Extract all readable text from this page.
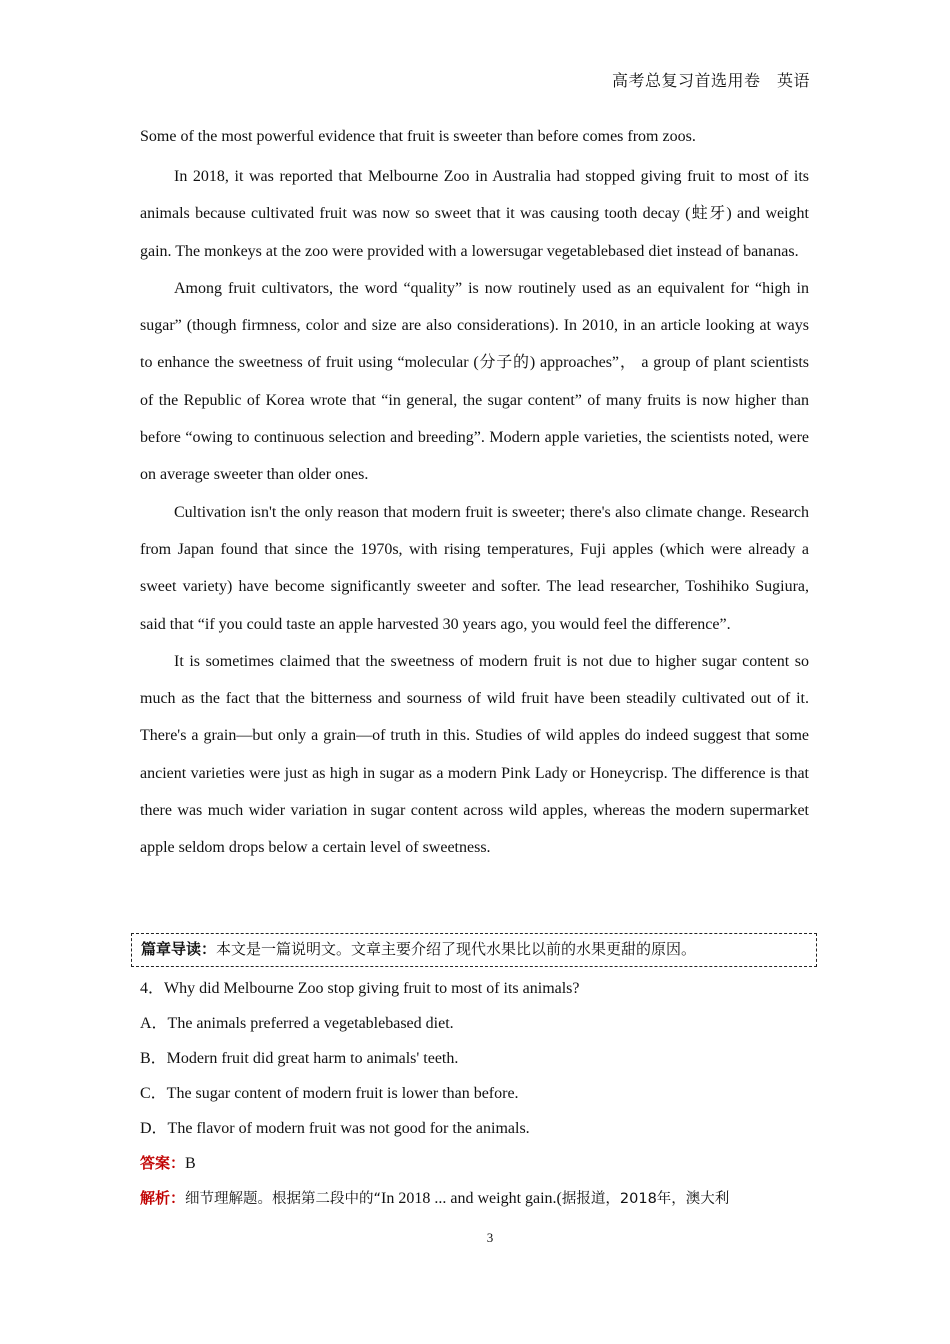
高考总复习首选用卷　英语

Some of the most powerful evidence that fruit is sweeter than before comes from zoos.

In 2018, it was reported that Melbourne Zoo in Australia had stopped giving fruit to most of its animals because cultivated fruit was now so sweet that it was causing tooth decay (蛀牙) and weight gain. The monkeys at the zoo were provided with a lowersugar vegetablebased diet instead of bananas.

Among fruit cultivators, the word “quality” is now routinely used as an equivalent for “high in sugar” (though firmness, color and size are also considerations). In 2010, in an article looking at ways to enhance the sweetness of fruit using “molecular (分子的) approaches”， a group of plant scientists of the Republic of Korea wrote that “in general, the sugar content” of many fruits is now higher than before “owing to continuous selection and breeding”. Modern apple varieties, the scientists noted, were on average sweeter than older ones.

Cultivation isn't the only reason that modern fruit is sweeter; there's also climate change. Research from Japan found that since the 1970s, with rising temperatures, Fuji apples (which were already a sweet variety) have become significantly sweeter and softer. The lead researcher, Toshihiko Sugiura, said that “if you could taste an apple harvested 30 years ago, you would feel the difference”.

It is sometimes claimed that the sweetness of modern fruit is not due to higher sugar content so much as the fact that the bitterness and sourness of wild fruit have been steadily cultivated out of it. There's a grain—but only a grain—of truth in this. Studies of wild apples do indeed suggest that some ancient varieties were just as high in sugar as a modern Pink Lady or Honeycrisp. The difference is that there was much wider variation in sugar content across wild apples, whereas the modern supermarket apple seldom drops below a certain level of sweetness.

篇章导读：本文是一篇说明文。文章主要介绍了现代水果比以前的水果更甜的原因。
4．Why did Melbourne Zoo stop giving fruit to most of its animals?
A．The animals preferred a vegetablebased diet.
B．Modern fruit did great harm to animals' teeth.
C．The sugar content of modern fruit is lower than before.
D．The flavor of modern fruit was not good for the animals.
答案：B
解析：细节理解题。根据第二段中的“In 2018 ... and weight gain.(据报道，2018年，澳大利
3
